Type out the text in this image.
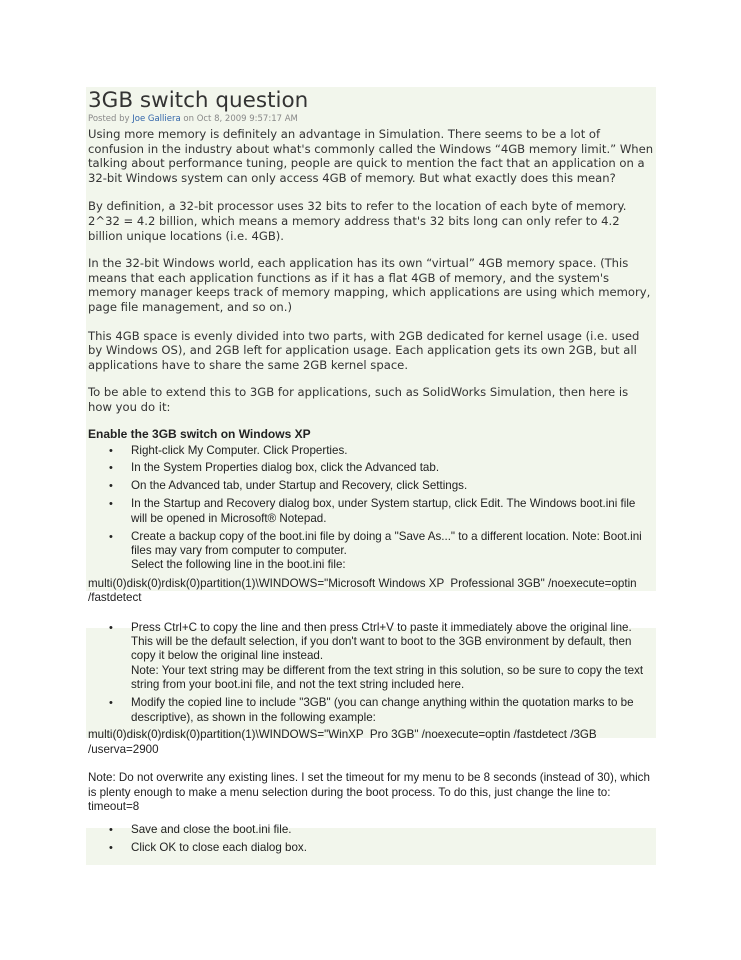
3GB switch question
Posted by Joe Galliera on Oct 8, 2009 9:57:17 AM

Using more memory is definitely an advantage in Simulation. There seems to be a lot of confusion in the industry about what's commonly called the Windows “4GB memory limit.” When talking about performance tuning, people are quick to mention the fact that an application on a 32-bit Windows system can only access 4GB of memory. But what exactly does this mean?

By definition, a 32-bit processor uses 32 bits to refer to the location of each byte of memory. 2^32 = 4.2 billion, which means a memory address that's 32 bits long can only refer to 4.2 billion unique locations (i.e. 4GB).

In the 32-bit Windows world, each application has its own “virtual” 4GB memory space. (This means that each application functions as if it has a flat 4GB of memory, and the system's memory manager keeps track of memory mapping, which applications are using which memory, page file management, and so on.)

This 4GB space is evenly divided into two parts, with 2GB dedicated for kernel usage (i.e. used by Windows OS), and 2GB left for application usage. Each application gets its own 2GB, but all applications have to share the same 2GB kernel space.

To be able to extend this to 3GB for applications, such as SolidWorks Simulation, then here is how you do it:

Enable the 3GB switch on Windows XP
• Right-click My Computer. Click Properties.
• In the System Properties dialog box, click the Advanced tab.
• On the Advanced tab, under Startup and Recovery, click Settings.
• In the Startup and Recovery dialog box, under System startup, click Edit. The Windows boot.ini file will be opened in Microsoft® Notepad.
• Create a backup copy of the boot.ini file by doing a "Save As..." to a different location. Note: Boot.ini files may vary from computer to computer.
Select the following line in the boot.ini file:
multi(0)disk(0)rdisk(0)partition(1)\WINDOWS="Microsoft Windows XP  Professional 3GB" /noexecute=optin /fastdetect
• Press Ctrl+C to copy the line and then press Ctrl+V to paste it immediately above the original line. This will be the default selection, if you don't want to boot to the 3GB environment by default, then copy it below the original line instead.
Note: Your text string may be different from the text string in this solution, so be sure to copy the text string from your boot.ini file, and not the text string included here.
• Modify the copied line to include "3GB" (you can change anything within the quotation marks to be descriptive), as shown in the following example:
multi(0)disk(0)rdisk(0)partition(1)\WINDOWS="WinXP  Pro 3GB" /noexecute=optin /fastdetect /3GB /userva=2900
Note: Do not overwrite any existing lines. I set the timeout for my menu to be 8 seconds (instead of 30), which is plenty enough to make a menu selection during the boot process. To do this, just change the line to: timeout=8
• Save and close the boot.ini file.
• Click OK to close each dialog box.
